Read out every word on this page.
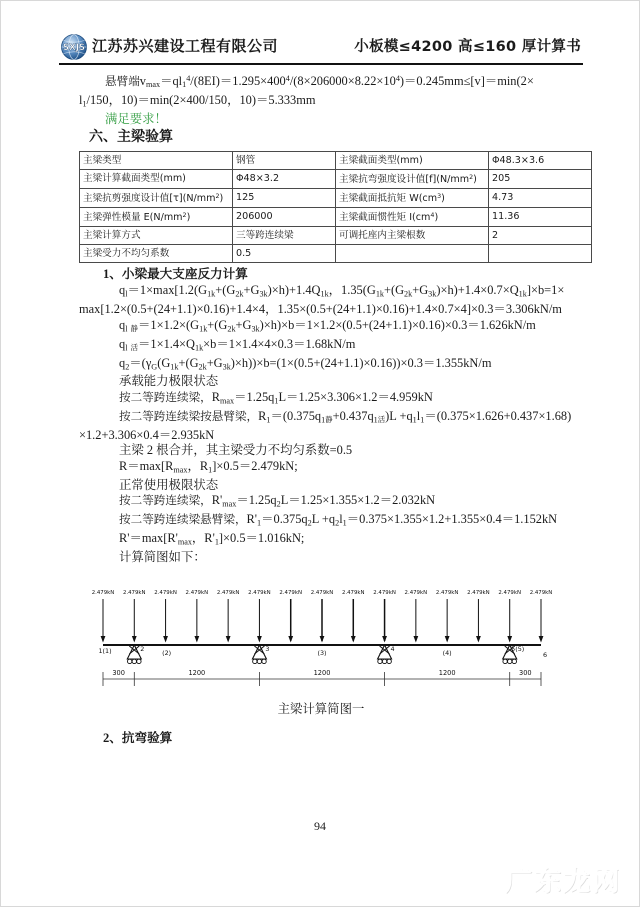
SXJS 江苏苏兴建设工程有限公司	小板模≤4200 高≤160 厚计算书
悬臂端$v_{max}=ql_1^4/(8EI)=1.295\times 400^4/(8\times 206000\times 8.22\times 10^4)=0.245mm\le[v]=\min(2\times$
$l_1/150$，10)＝min(2×400/150，10)＝5.333mm
满足要求！
六、主梁验算
主梁类型	钢管	主梁截面类型(mm)	Φ48.3×3.6
主梁计算截面类型(mm)	Φ48×3.2	主梁抗弯强度设计值$[f](N/mm^2)$	205
主梁抗剪强度设计值$[\tau](N/mm^2)$	125	主梁截面抵抗矩 $W(cm^3)$	4.73
主梁弹性模量 $E(N/mm^2)$	206000	主梁截面惯性矩 $I(cm^4)$	11.36
主梁计算方式	三等跨连续梁	可调托座内主梁根数	2
主梁受力不均匀系数	0.5		
1、小梁最大支座反力计算
$q_l=1\times\max[1.2(G_{1k}+(G_{2k}+G_{3k})\times h)+1.4Q_{1k}$，$1.35(G_{1k}+(G_{2k}+G_{3k})\times h)+1.4\times 0.7\times Q_{1k}]\times b=1\times$
max[1.2×(0.5+(24+1.1)×0.16)+1.4×4，1.35×(0.5+(24+1.1)×0.16)+1.4×0.7×4]×0.3＝3.306kN/m
$q_l$ $_静=1\times 1.2\times(G_{1k}+(G_{2k}+G_{3k})\times h)\times b=1\times 1.2\times(0.5+(24+1.1)\times 0.16)\times 0.3=1.626kN/m$
$q_l$ $_活=1\times 1.4\times Q_{1k}\times b=1\times 1.4\times 4\times 0.3=1.68kN/m$
$q_2=(\gamma_G(G_{1k}+(G_{2k}+G_{3k})\times h))\times b=(1\times(0.5+(24+1.1)\times 0.16))\times 0.3=1.355kN/m$
承载能力极限状态
按二等跨连续梁，$R_{max}=1.25q_1L=1.25\times 3.306\times 1.2=4.959kN$
按二等跨连续梁按悬臂梁，$R_1=(0.375q_{1静}+0.437q_{1活})L +q_1l_1=(0.375\times 1.626+0.437\times 1.68)$
×1.2+3.306×0.4＝2.935kN
主梁 2 根合并，其主梁受力不均匀系数=0.5
$R=\max[R_{max}$，$R_1]\times 0.5=2.479kN$;
正常使用极限状态
按二等跨连续梁，$R'_{max}=1.25q_2L=1.25\times 1.355\times 1.2=2.032kN$
按二等跨连续梁悬臂梁，$R'_1=0.375q_2L +q_2l_1=0.375\times 1.355\times 1.2+1.355\times 0.4=1.152kN$
$R'=\max[R'_{max}$，$R'_1]\times 0.5=1.016kN$;
计算简图如下：
2.479kN 2.479kN 2.479kN 2.479kN 2.479kN 2.479kN 2.479kN 2.479kN 2.479kN 2.479kN 2.479kN 2.479kN 2.479kN 2.479kN 2.479kN
1(1)	2	(2)	3	(3)	4	(4)	5(5)
6
300	1200	1200	1200	300
主梁计算简图一
2、抗弯验算
94
广东龙网
